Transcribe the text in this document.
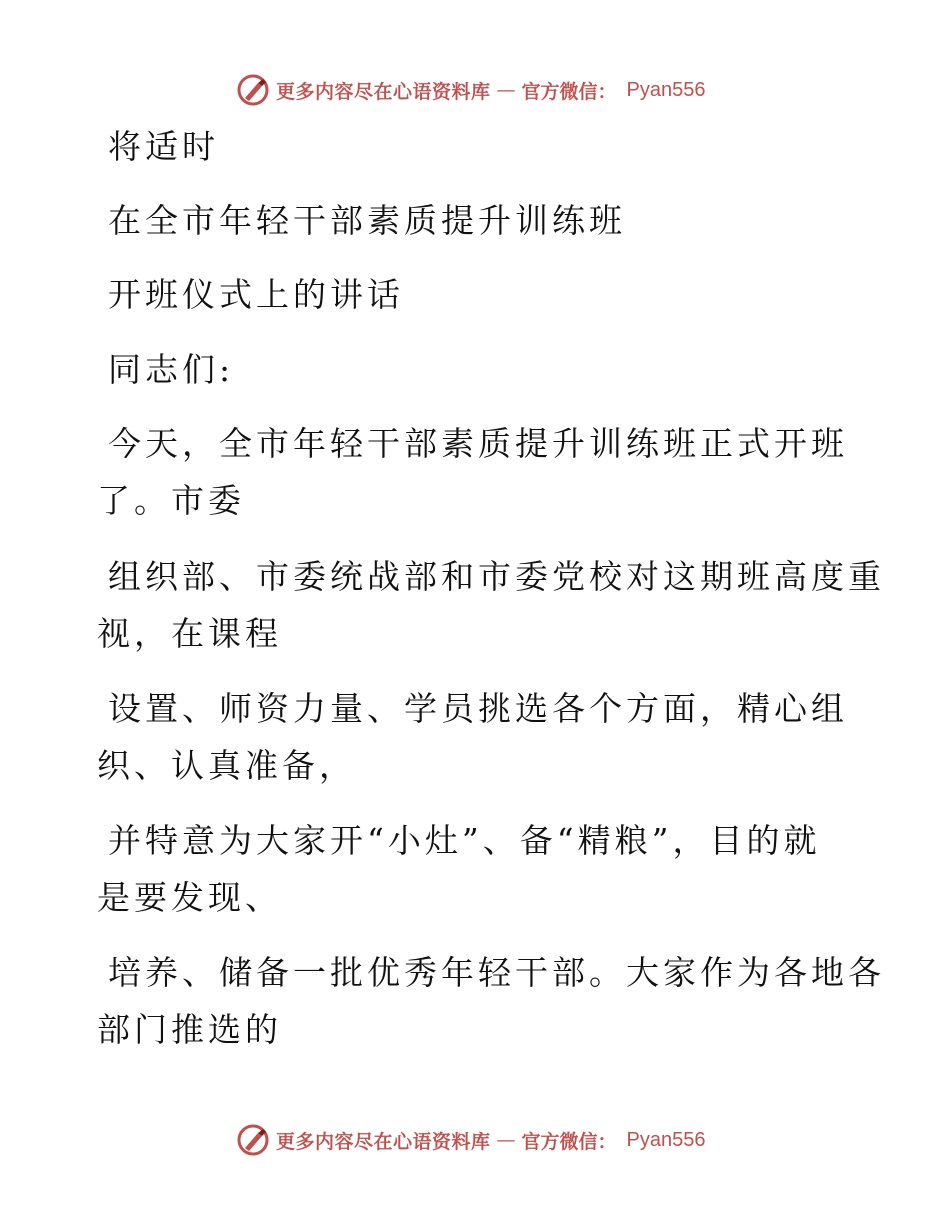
更多内容尽在心语资料库 — 官方微信： Pyan556
将适时
在全市年轻干部素质提升训练班
开班仪式上的讲话
同志们:
今天，全市年轻干部素质提升训练班正式开班
了。市委
组织部、市委统战部和市委党校对这期班高度重
视，在课程
设置、师资力量、学员挑选各个方面，精心组
织、认真准备，
并特意为大家开“小灶”、备“精粮”，目的就
是要发现、
培养、储备一批优秀年轻干部。大家作为各地各
部门推选的
更多内容尽在心语资料库 — 官方微信： Pyan556
